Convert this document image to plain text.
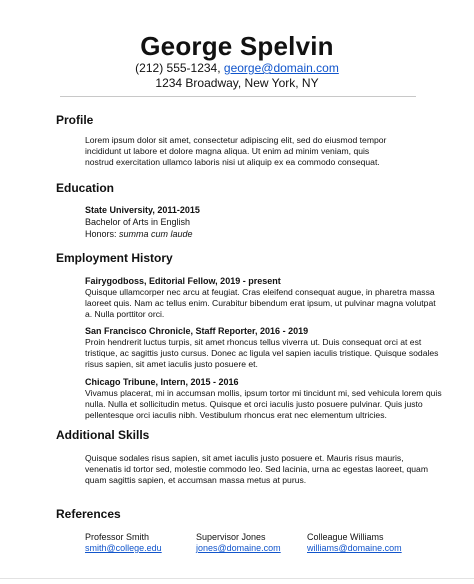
George Spelvin
(212) 555-1234, george@domain.com
1234 Broadway, New York, NY
Profile
Lorem ipsum dolor sit amet, consectetur adipiscing elit, sed do eiusmod tempor
incididunt ut labore et dolore magna aliqua. Ut enim ad minim veniam, quis
nostrud exercitation ullamco laboris nisi ut aliquip ex ea commodo consequat.
Education
State University, 2011-2015
Bachelor of Arts in English
Honors: summa cum laude
Employment History
Fairygodboss, Editorial Fellow, 2019 - present
Quisque ullamcorper nec arcu at feugiat. Cras eleifend consequat augue, in pharetra massa
laoreet quis. Nam ac tellus enim. Curabitur bibendum erat ipsum, ut pulvinar magna volutpat
a. Nulla porttitor orci.
San Francisco Chronicle, Staff Reporter, 2016 - 2019
Proin hendrerit luctus turpis, sit amet rhoncus tellus viverra ut. Duis consequat orci at est
tristique, ac sagittis justo cursus. Donec ac ligula vel sapien iaculis tristique. Quisque sodales
risus sapien, sit amet iaculis justo posuere et.
Chicago Tribune, Intern, 2015 - 2016
Vivamus placerat, mi in accumsan mollis, ipsum tortor mi tincidunt mi, sed vehicula lorem quis
nulla. Nulla et sollicitudin metus. Quisque et orci iaculis justo posuere pulvinar. Quis justo
pellentesque orci iaculis nibh. Vestibulum rhoncus erat nec elementum ultricies.
Additional Skills
Quisque sodales risus sapien, sit amet iaculis justo posuere et. Mauris risus mauris,
venenatis id tortor sed, molestie commodo leo. Sed lacinia, urna ac egestas laoreet, quam
quam sagittis sapien, et accumsan massa metus at purus.
References
Professor Smith
smith@college.edu
Supervisor Jones
jones@domaine.com
Colleague Williams
williams@domaine.com
